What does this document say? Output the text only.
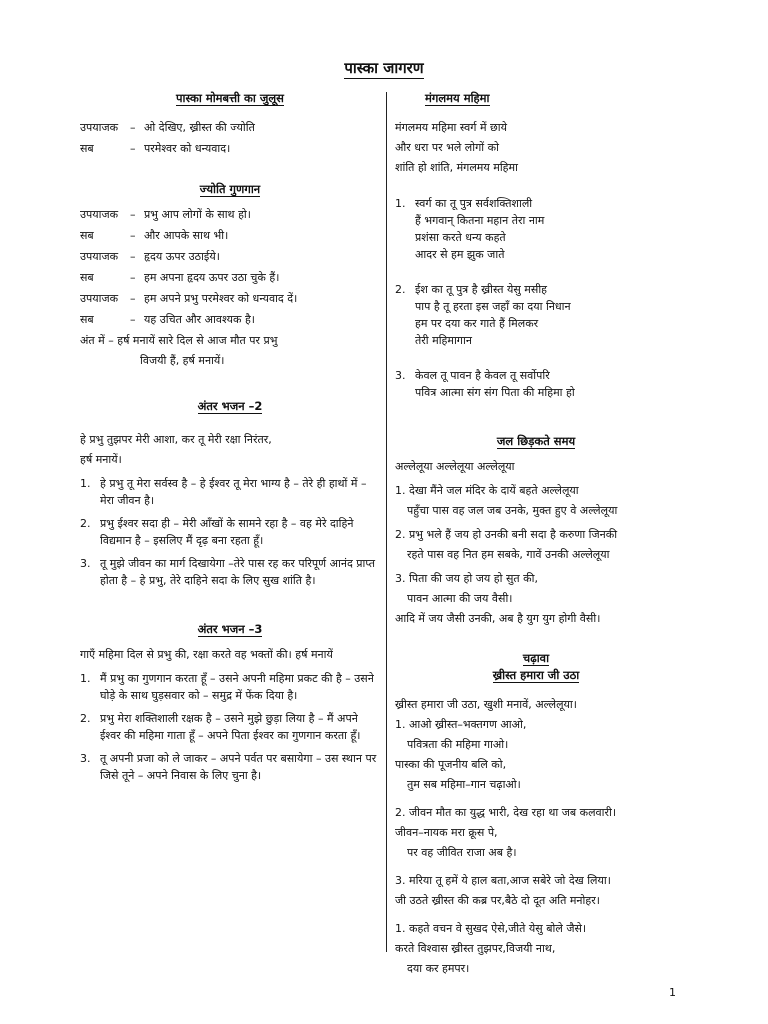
पास्का जागरण
पास्का मोमबत्ती का जुलूस
उपयाजक	– ओ देखिए, ख्रीस्त की ज्योति
सब	– परमेश्वर को धन्यवाद।
ज्योति गुणगान
उपयाजक	– प्रभु आप लोगों के साथ हो।
सब	– और आपके साथ भी।
उपयाजक	– हृदय ऊपर उठाईये।
सब	– हम अपना हृदय ऊपर उठा चुके हैं।
उपयाजक	– हम अपने प्रभु परमेश्वर को धन्यवाद दें।
सब	– यह उचित और आवश्यक है।

अंत में – हर्ष मनायें सारे दिल से आज मौत पर प्रभु

विजयी हैं, हर्ष मनायें।

अंतर भजन –2

हे प्रभु तुझपर मेरी आशा, कर तू मेरी रक्षा निरंतर,

हर्ष मनायें।

1. हे प्रभु तू मेरा सर्वस्व है – हे ईश्वर तू मेरा भाग्य है – तेरे ही हाथों में – मेरा जीवन है।
2. प्रभु ईश्वर सदा ही – मेरी आँखों के सामने रहा है – वह मेरे दाहिने विद्यमान है – इसलिए मैं दृढ़ बना रहता हूँ।
3. तू मुझे जीवन का मार्ग दिखायेगा –तेरे पास रह कर परिपूर्ण आनंद प्राप्त होता है – हे प्रभु, तेरे दाहिने सदा के लिए सुख शांति है।
अंतर भजन –3

गाएँ महिमा दिल से प्रभु की, रक्षा करते वह भक्तों की। हर्ष मनायें

1. मैं प्रभु का गुणगान करता हूँ – उसने अपनी महिमा प्रकट की है – उसने घोड़े के साथ घुड़सवार को – समुद्र में फेंक दिया है।
2. प्रभु मेरा शक्तिशाली रक्षक है – उसने मुझे छुड़ा लिया है – मैं अपने ईश्वर की महिमा गाता हूँ – अपने पिता ईश्वर का गुणगान करता हूँ।
3. तू अपनी प्रजा को ले जाकर – अपने पर्वत पर बसायेगा – उस स्थान पर जिसे तूने – अपने निवास के लिए चुना है।
मंगलमय महिमा

मंगलमय महिमा स्वर्ग में छाये

और धरा पर भले लोगों को

शांति हो शांति, मंगलमय महिमा

1. स्वर्ग का तू पुत्र सर्वशक्तिशाली
हैं भगवान् कितना महान तेरा नाम
प्रशंसा करते धन्य कहते
आदर से हम झुक जाते
2. ईश का तू पुत्र है ख्रीस्त येसु मसीह
पाप है तू हरता इस जहाँ का दया निधान
हम पर दया कर गाते हैं मिलकर
तेरी महिमागान
3. केवल तू पावन है केवल तू सर्वोपरि
पवित्र आत्मा संग संग पिता की महिमा हो
जल छिड़कते समय

अल्लेलूया अल्लेलूया अल्लेलूया

1. देखा मैंने जल मंदिर के दायें बहते अल्लेलूया

पहुँचा पास वह जल जब उनके, मुक्त हुए वे अल्लेलूया

2. प्रभु भले हैं जय हो उनकी बनी सदा है करुणा जिनकी

रहते पास वह नित हम सबके, गावें उनकी अल्लेलूया

3. पिता की जय हो जय हो सुत की,

पावन आत्मा की जय वैसी।

आदि में जय जैसी उनकी, अब है युग युग होगी वैसी।

चढ़ावा
ख्रीस्त हमारा जी उठा

ख्रीस्त हमारा जी उठा, खुशी मनावें, अल्लेलूया।

1. आओ ख्रीस्त–भक्तगण आओ,

पवित्रता की महिमा गाओ।

पास्का की पूजनीय बलि को,

तुम सब महिमा–गान चढ़ाओ।

2. जीवन मौत का युद्ध भारी, देख रहा था जब कलवारी।

जीवन–नायक मरा क्रूस पे,

पर वह जीवित राजा अब है।

3. मरिया तू हमें ये हाल बता,आज सबेरे जो देख लिया।

जी उठते ख्रीस्त की कब्र पर,बैठे दो दूत अति मनोहर।

1. कहते वचन वे सुखद ऐसे,जीते येसु बोले जैसे।

करते विश्वास ख्रीस्त तुझपर,विजयी नाथ,

दया कर हमपर।

1
